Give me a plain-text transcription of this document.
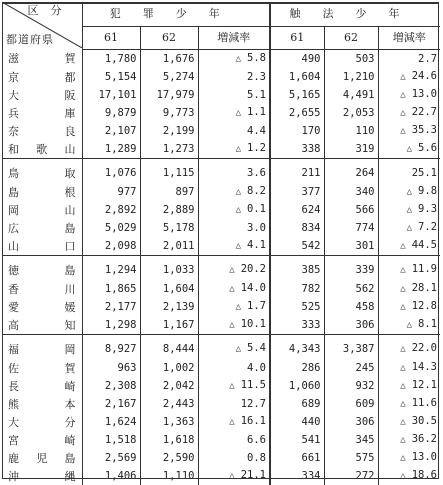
区分
都道府県	犯罪少年			触法少年		
	61	62	増減率	61	62	増減率

滋 賀	1,780	1,676	△ 5.8	490	503	2.7

京 都	5,154	5,274	2.3	1,604	1,210	△ 24.6

大 阪	17,101	17,979	5.1	5,165	4,491	△ 13.0

兵 庫	9,879	9,773	△ 1.1	2,655	2,053	△ 22.7

奈 良	2,107	2,199	4.4	170	110	△ 35.3

和 歌 山	1,289	1,273	△ 1.2	338	319	△ 5.6

鳥 取	1,076	1,115	3.6	211	264	25.1

島 根	977	897	△ 8.2	377	340	△ 9.8

岡 山	2,892	2,889	△ 0.1	624	566	△ 9.3

広 島	5,029	5,178	3.0	834	774	△ 7.2

山 口	2,098	2,011	△ 4.1	542	301	△ 44.5

徳 島	1,294	1,033	△ 20.2	385	339	△ 11.9

香 川	1,865	1,604	△ 14.0	782	562	△ 28.1

愛 媛	2,177	2,139	△ 1.7	525	458	△ 12.8

高 知	1,298	1,167	△ 10.1	333	306	△ 8.1

福 岡	8,927	8,444	△ 5.4	4,343	3,387	△ 22.0

佐 賀	963	1,002	4.0	286	245	△ 14.3

長 崎	2,308	2,042	△ 11.5	1,060	932	△ 12.1

熊 本	2,167	2,443	12.7	689	609	△ 11.6

大 分	1,624	1,363	△ 16.1	440	306	△ 30.5

宮 崎	1,518	1,618	6.6	541	345	△ 36.2

鹿 児 島	2,569	2,590	0.8	661	575	△ 13.0

沖 縄	1,406	1,110	△ 21.1	334	272	△ 18.6
